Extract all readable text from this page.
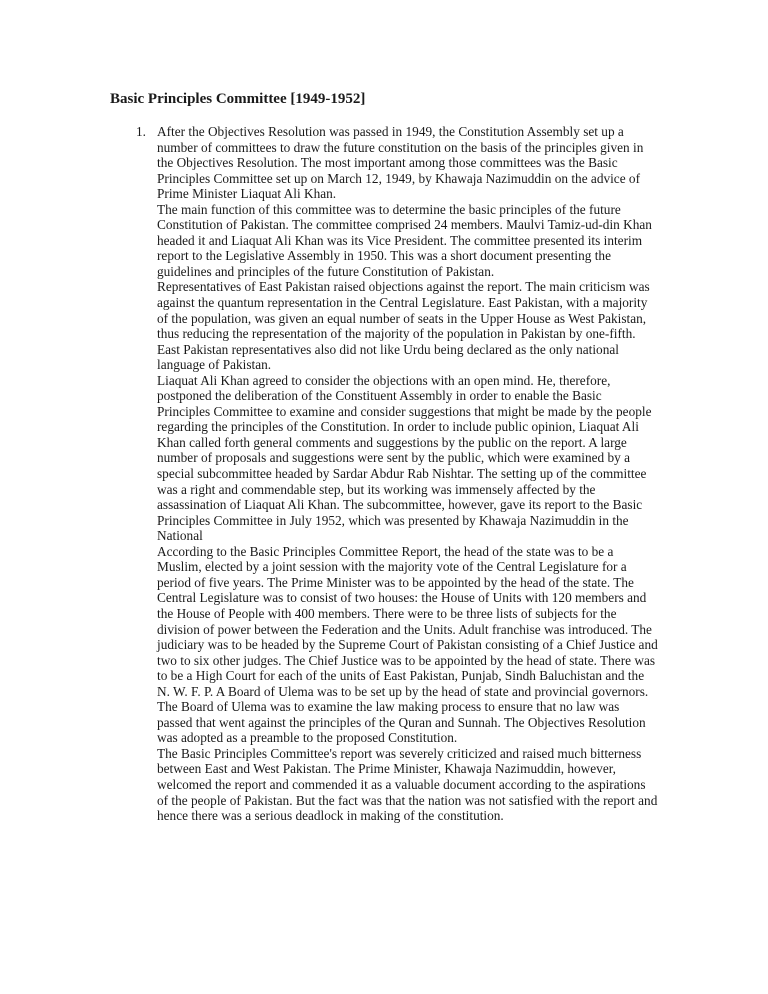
Basic Principles Committee [1949-1952]
1. After the Objectives Resolution was passed in 1949, the Constitution Assembly set up a number of committees to draw the future constitution on the basis of the principles given in the Objectives Resolution. The most important among those committees was the Basic Principles Committee set up on March 12, 1949, by Khawaja Nazimuddin on the advice of Prime Minister Liaquat Ali Khan.

The main function of this committee was to determine the basic principles of the future Constitution of Pakistan. The committee comprised 24 members. Maulvi Tamiz-ud-din Khan headed it and Liaquat Ali Khan was its Vice President. The committee presented its interim report to the Legislative Assembly in 1950. This was a short document presenting the guidelines and principles of the future Constitution of Pakistan.

Representatives of East Pakistan raised objections against the report. The main criticism was against the quantum representation in the Central Legislature. East Pakistan, with a majority of the population, was given an equal number of seats in the Upper House as West Pakistan, thus reducing the representation of the majority of the population in Pakistan by one-fifth. East Pakistan representatives also did not like Urdu being declared as the only national language of Pakistan.

Liaquat Ali Khan agreed to consider the objections with an open mind. He, therefore, postponed the deliberation of the Constituent Assembly in order to enable the Basic Principles Committee to examine and consider suggestions that might be made by the people regarding the principles of the Constitution. In order to include public opinion, Liaquat Ali Khan called forth general comments and suggestions by the public on the report. A large number of proposals and suggestions were sent by the public, which were examined by a special subcommittee headed by Sardar Abdur Rab Nishtar. The setting up of the committee was a right and commendable step, but its working was immensely affected by the assassination of Liaquat Ali Khan. The subcommittee, however, gave its report to the Basic Principles Committee in July 1952, which was presented by Khawaja Nazimuddin in the National

According to the Basic Principles Committee Report, the head of the state was to be a Muslim, elected by a joint session with the majority vote of the Central Legislature for a period of five years. The Prime Minister was to be appointed by the head of the state. The Central Legislature was to consist of two houses: the House of Units with 120 members and the House of People with 400 members. There were to be three lists of subjects for the division of power between the Federation and the Units. Adult franchise was introduced. The judiciary was to be headed by the Supreme Court of Pakistan consisting of a Chief Justice and two to six other judges. The Chief Justice was to be appointed by the head of state. There was to be a High Court for each of the units of East Pakistan, Punjab, Sindh Baluchistan and the N. W. F. P. A Board of Ulema was to be set up by the head of state and provincial governors. The Board of Ulema was to examine the law making process to ensure that no law was passed that went against the principles of the Quran and Sunnah. The Objectives Resolution was adopted as a preamble to the proposed Constitution.

The Basic Principles Committee's report was severely criticized and raised much bitterness between East and West Pakistan. The Prime Minister, Khawaja Nazimuddin, however, welcomed the report and commended it as a valuable document according to the aspirations of the people of Pakistan. But the fact was that the nation was not satisfied with the report and hence there was a serious deadlock in making of the constitution.
